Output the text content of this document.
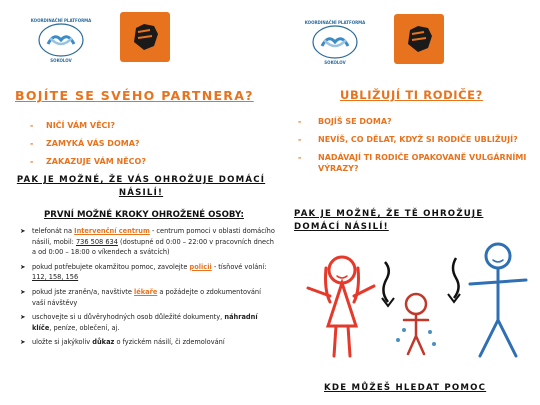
KOORDINAČNÍ PLATFORMA
SOKOLOV
BOJÍTE SE SVÉHO PARTNERA?
- NIČÍ VÁM VĚCI?
- ZAMYKÁ VÁS DOMA?
- ZAKAZUJE VÁM NĚCO?
PAK JE MOŽNÉ, ŽE VÁS OHROŽUJE DOMÁCÍ NÁSILÍ!
PRVNÍ MOŽNÉ KROKY OHROŽENÉ OSOBY:
➤ telefonát na Intervenční centrum - centrum pomoci v oblasti domácího násilí, mobil: 736 508 634 (dostupné od 0:00 – 22:00 v pracovních dnech a od 0:00 – 18:00 o víkendech a svátcích)
➤ pokud potřebujete okamžitou pomoc, zavolejte policii - tísňové volání: 112, 158, 156
➤ pokud jste zraněn/a, navštivte lékaře a požádejte o zdokumentování vaší návštěvy
➤ uschovejte si u důvěryhodných osob důležité dokumenty, náhradní klíče, peníze, oblečení, aj.
➤ uložte si jakýkoliv důkaz o fyzickém násilí, či zdemolování
KOORDINAČNÍ PLATFORMA
SOKOLOV
UBLIŽUJÍ TI RODIČE?
- BOJÍŠ SE DOMA?
- NEVÍŠ, CO DĚLAT, KDYŽ SI RODIČE UBLIŽUJÍ?
- NADÁVAJÍ TI RODIČE OPAKOVANĚ VULGÁRNÍMI VÝRAZY?
PAK JE MOŽNÉ, ŽE TĚ OHROŽUJE DOMÁCÍ NÁSILÍ!
KDE MŮŽEŠ HLEDAT POMOC
